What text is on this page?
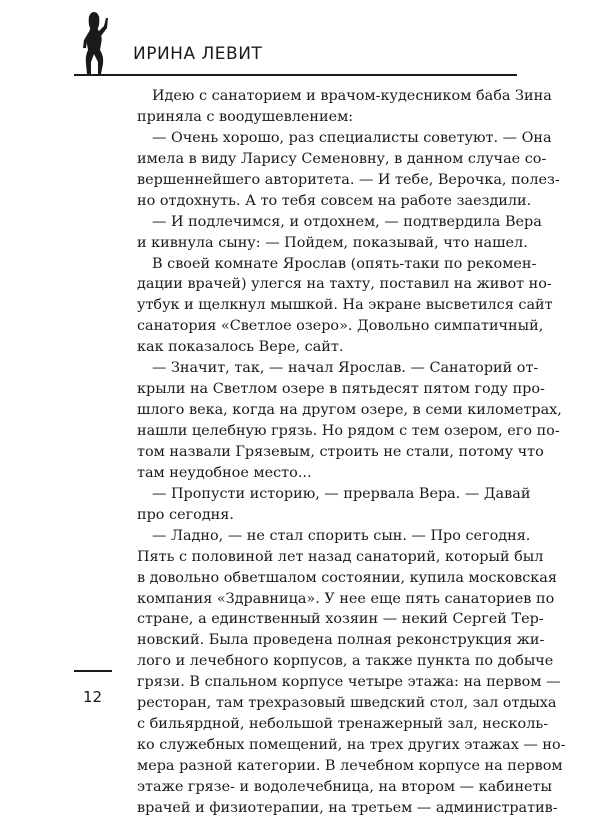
ИРИНА ЛЕВИТ
Идею с санаторием и врачом-кудесником баба Зина
приняла с воодушевлением:
— Очень хорошо, раз специалисты советуют. — Она
имела в виду Ларису Семеновну, в данном случае со-
вершеннейшего авторитета. — И тебе, Верочка, полез-
но отдохнуть. А то тебя совсем на работе заездили.
— И подлечимся, и отдохнем, — подтвердила Вера
и кивнула сыну: — Пойдем, показывай, что нашел.
В своей комнате Ярослав (опять-таки по рекомен-
дации врачей) улегся на тахту, поставил на живот но-
утбук и щелкнул мышкой. На экране высветился сайт
санатория «Светлое озеро». Довольно симпатичный,
как показалось Вере, сайт.
— Значит, так, — начал Ярослав. — Санаторий от-
крыли на Светлом озере в пятьдесят пятом году про-
шлого века, когда на другом озере, в семи километрах,
нашли целебную грязь. Но рядом с тем озером, его по-
том назвали Грязевым, строить не стали, потому что
там неудобное место...
— Пропусти историю, — прервала Вера. — Давай
про сегодня.
— Ладно, — не стал спорить сын. — Про сегодня.
Пять с половиной лет назад санаторий, который был
в довольно обветшалом состоянии, купила московская
компания «Здравница». У нее еще пять санаториев по
стране, а единственный хозяин — некий Сергей Тер-
новский. Была проведена полная реконструкция жи-
лого и лечебного корпусов, а также пункта по добыче
грязи. В спальном корпусе четыре этажа: на первом —
ресторан, там трехразовый шведский стол, зал отдыха
с бильярдной, небольшой тренажерный зал, несколь-
ко служебных помещений, на трех других этажах — но-
мера разной категории. В лечебном корпусе на первом
этаже грязе- и водолечебница, на втором — кабинеты
врачей и физиотерапии, на третьем — административ-
12
